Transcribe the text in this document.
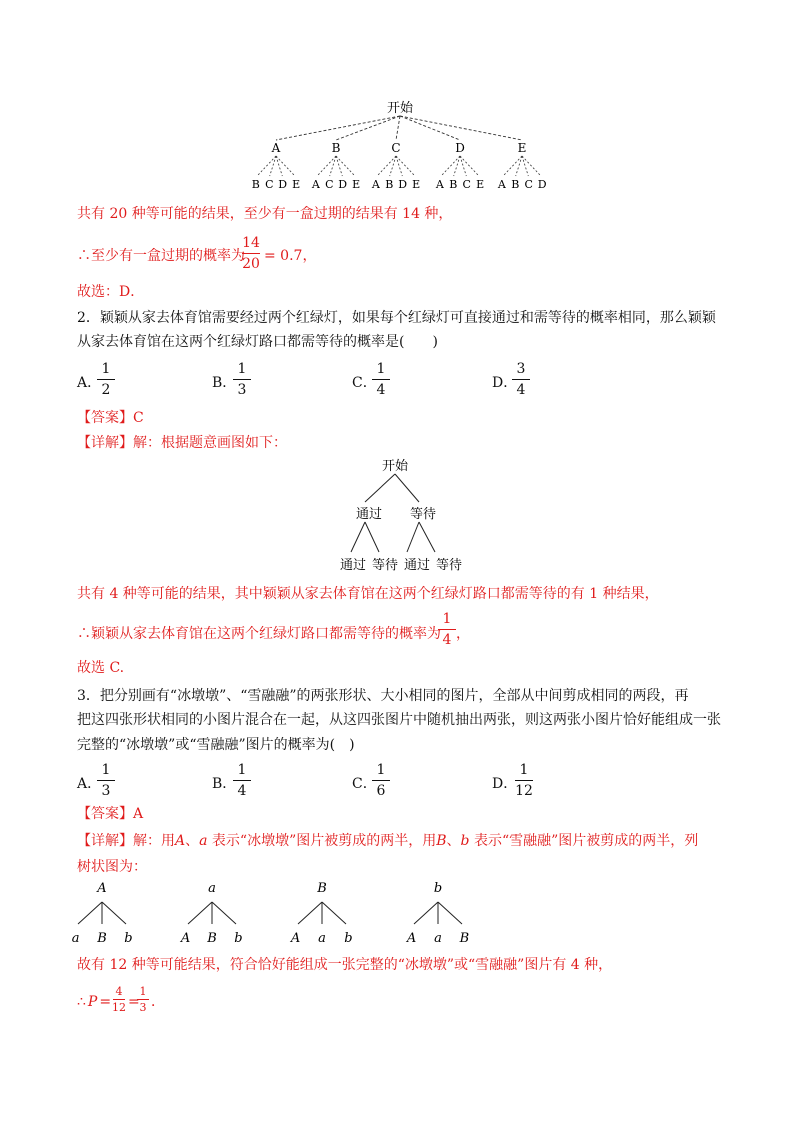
开始
A
B C D E
B
A C D E
C
A B D E
D
A B C E
E
A B C D
共有 20 种等可能的结果，至少有一盒过期的结果有 14 种，
∴至少有一盒过期的概率为
14
20 = 0.7，
故选：D．
2．颖颖从家去体育馆需要经过两个红绿灯，如果每个红绿灯可直接通过和需等待的概率相同，那么颖颖
从家去体育馆在这两个红绿灯路口都需等待的概率是(　　)
A．
1
2	B．
1
3	C．
1
4	D．
3
4
【答案】C
【详解】解：根据题意画图如下：
开始
通过 等待
通过 等待 通过 等待
共有 4 种等可能的结果，其中颖颖从家去体育馆在这两个红绿灯路口都需等待的有 1 种结果，
∴颖颖从家去体育馆在这两个红绿灯路口都需等待的概率为
1
4 ，
故选 C.
3．把分别画有“冰墩墩”、“雪融融”的两张形状、大小相同的图片，全部从中间剪成相同的两段，再
把这四张形状相同的小图片混合在一起，从这四张图片中随机抽出两张，则这两张小图片恰好能组成一张
完整的“冰墩墩”或“雪融融”图片的概率为(　)
A．
1
3	B．
1
4	C．
1
6	D．
1
12
【答案】A
【详解】解：用A、a 表示“冰墩墩”图片被剪成的两半，用B、b 表示“雪融融”图片被剪成的两半，列
树状图为：
A
a B b
a
A B b
B
A a b
b
A a B
故有 12 种等可能结果，符合恰好能组成一张完整的“冰墩墩”或“雪融融”图片有 4 种，
∴ P =
4
12 =
1
3 ．
